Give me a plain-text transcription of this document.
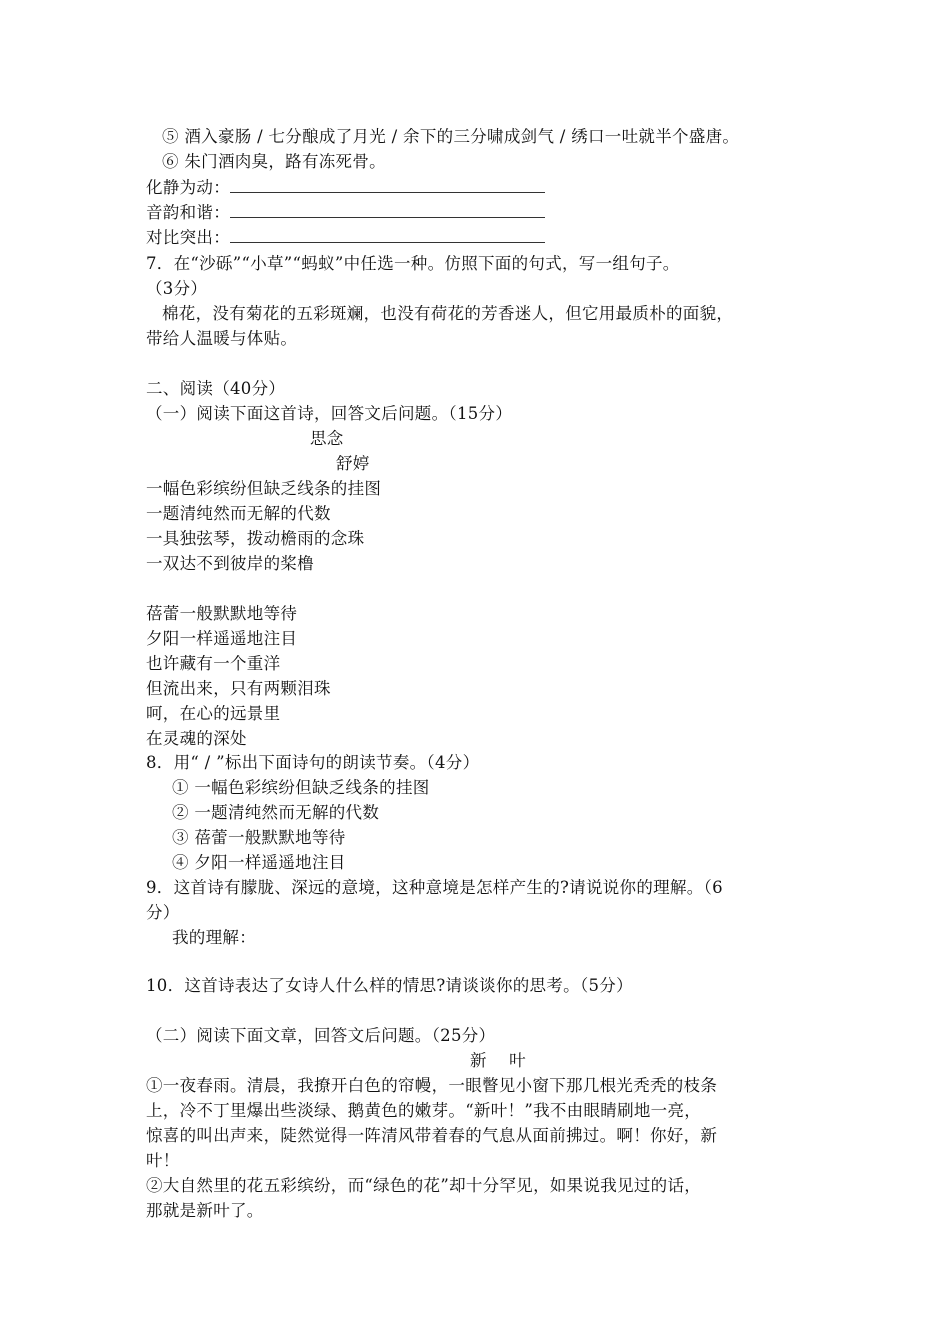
⑤ 酒入豪肠 / 七分酿成了月光 / 余下的三分啸成剑气 / 绣口一吐就半个盛唐。
⑥ 朱门酒肉臭，路有冻死骨。
化静为动：
音韵和谐：
对比突出：
7．在“沙砾”“小草”“蚂蚁”中任选一种。仿照下面的句式，写一组句子。
（3分）
棉花，没有菊花的五彩斑斓，也没有荷花的芳香迷人，但它用最质朴的面貌，
带给人温暖与体贴。
二、阅读（40分）
（一）阅读下面这首诗，回答文后问题。（15分）
思念
舒婷
一幅色彩缤纷但缺乏线条的挂图
一题清纯然而无解的代数
一具独弦琴，拨动檐雨的念珠
一双达不到彼岸的桨橹
蓓蕾一般默默地等待
夕阳一样遥遥地注目
也许藏有一个重洋
但流出来，只有两颗泪珠
呵，在心的远景里
在灵魂的深处
8．用“ / ”标出下面诗句的朗读节奏。（4分）
① 一幅色彩缤纷但缺乏线条的挂图
② 一题清纯然而无解的代数
③ 蓓蕾一般默默地等待
④ 夕阳一样遥遥地注目
9．这首诗有朦胧、深远的意境，这种意境是怎样产生的?请说说你的理解。（6
分）
我的理解：
10．这首诗表达了女诗人什么样的情思?请谈谈你的思考。（5分）
（二）阅读下面文章，回答文后问题。（25分）
新　 叶
①一夜春雨。清晨，我撩开白色的帘幔，一眼瞥见小窗下那几根光秃秃的枝条
上，冷不丁里爆出些淡绿、鹅黄色的嫩芽。“新叶！”我不由眼睛刷地一亮，
惊喜的叫出声来，陡然觉得一阵清风带着春的气息从面前拂过。啊！你好，新
叶！
②大自然里的花五彩缤纷，而“绿色的花”却十分罕见，如果说我见过的话，
那就是新叶了。
